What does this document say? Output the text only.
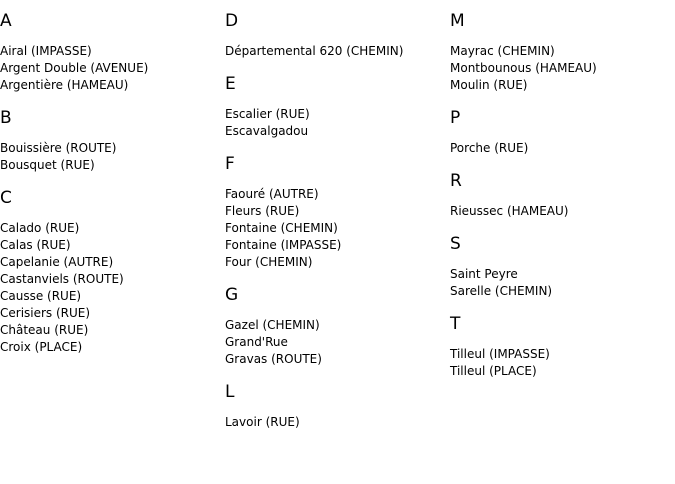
A
Airal (IMPASSE)
Argent Double (AVENUE)
Argentière (HAMEAU)
B
Bouissière (ROUTE)
Bousquet (RUE)
C
Calado (RUE)
Calas (RUE)
Capelanie (AUTRE)
Castanviels (ROUTE)
Causse (RUE)
Cerisiers (RUE)
Château (RUE)
Croix (PLACE)
D
Départemental 620 (CHEMIN)
E
Escalier (RUE)
Escavalgadou
F
Faouré (AUTRE)
Fleurs (RUE)
Fontaine (CHEMIN)
Fontaine (IMPASSE)
Four (CHEMIN)
G
Gazel (CHEMIN)
Grand'Rue
Gravas (ROUTE)
L
Lavoir (RUE)
M
Mayrac (CHEMIN)
Montbounous (HAMEAU)
Moulin (RUE)
P
Porche (RUE)
R
Rieussec (HAMEAU)
S
Saint Peyre
Sarelle (CHEMIN)
T
Tilleul (IMPASSE)
Tilleul (PLACE)
